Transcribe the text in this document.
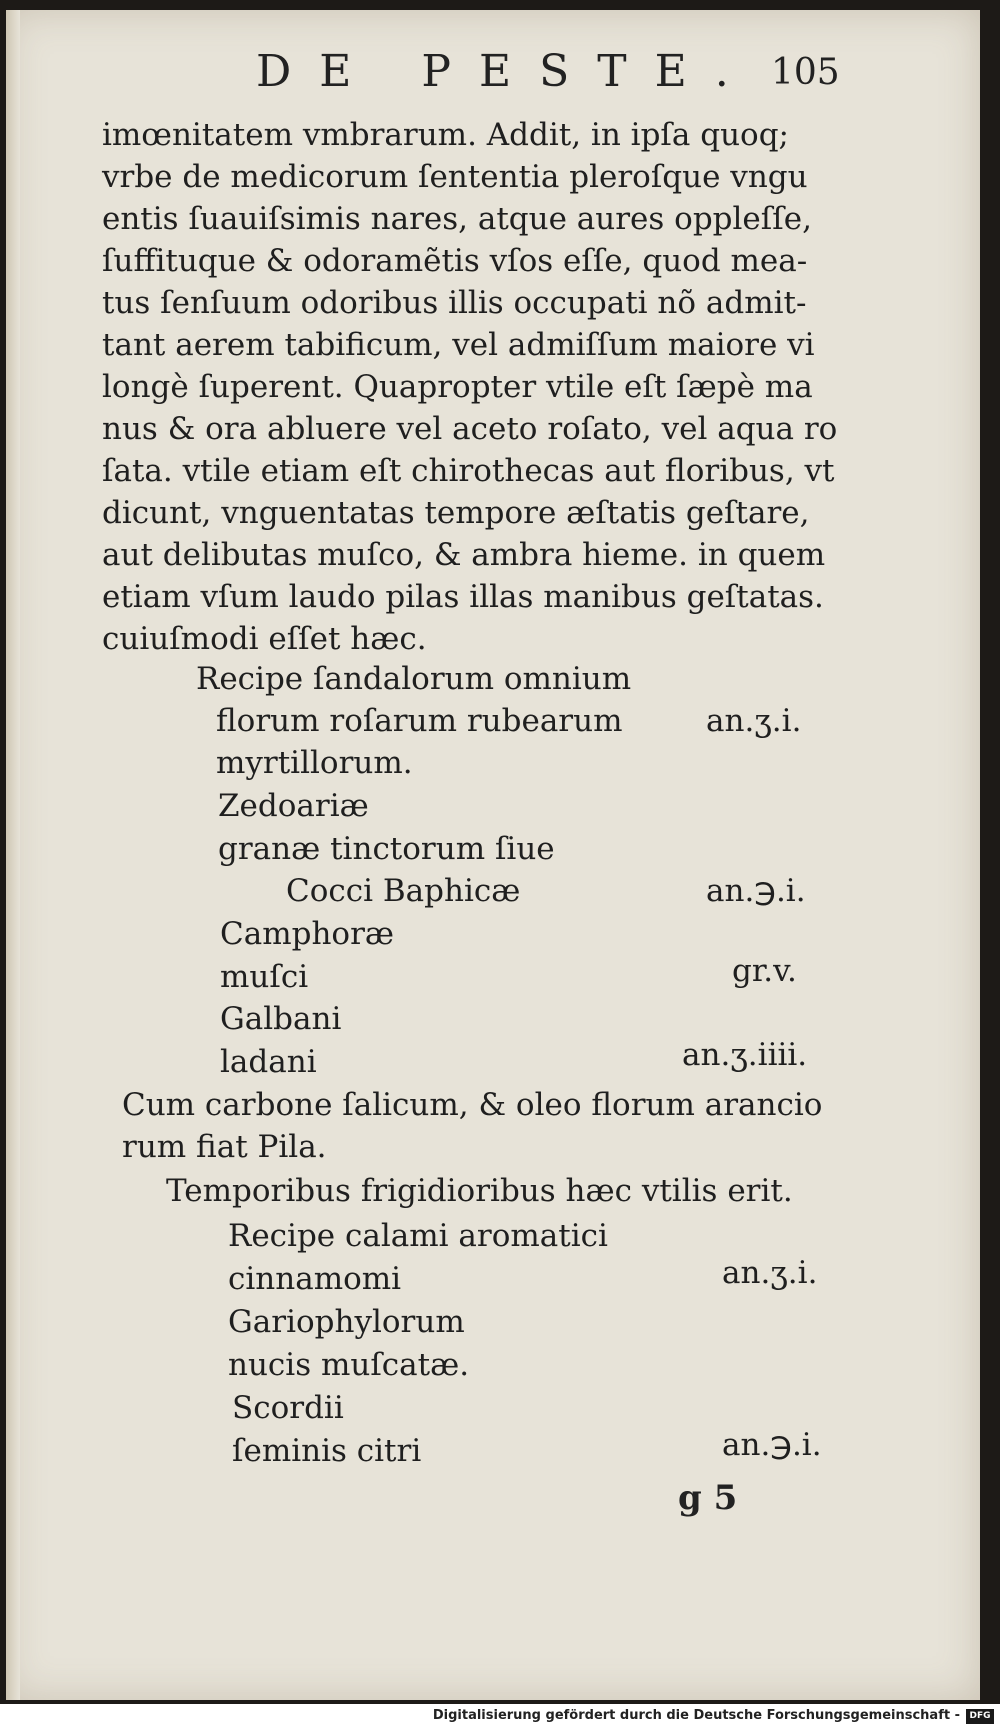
DE PESTE. 105
imœnitatem vmbrarum. Addit, in ipſa quoq;
vrbe de medicorum ſententia pleroſque vngu
entis ſuauiſsimis nares, atque aures oppleſſe,
ſuffituque & odoramẽtis vſos eſſe, quod mea-
tus ſenſuum odoribus illis occupati nõ admit-
tant aerem tabificum, vel admiſſum maiore vi
longè ſuperent. Quapropter vtile eſt ſæpè ma
nus & ora abluere vel aceto roſato, vel aqua ro
ſata. vtile etiam eſt chirothecas aut floribus, vt
dicunt, vnguentatas tempore æſtatis geſtare,
aut delibutas muſco, & ambra hieme. in quem
etiam vſum laudo pilas illas manibus geſtatas.
cuiuſmodi eſſet hæc.
Recipe ſandalorum omnium
florum roſarum rubearum	an.ʒ.i.
myrtillorum.
Zedoariæ
granæ tinctorum ſiue
Cocci Baphicæ	an.℈.i.
Camphoræ
muſci	gr.v.
Galbani
ladani	an.ʒ.iiii.
Cum carbone ſalicum, & oleo florum arancio
rum fiat Pila.
Temporibus frigidioribus hæc vtilis erit.
Recipe calami aromatici
cinnamomi	an.ʒ.i.
Gariophylorum
nucis muſcatæ.
Scordii
ſeminis citri	an.℈.i.
g 5
Digitalisierung gefördert durch die Deutsche Forschungsgemeinschaft -	DFG
